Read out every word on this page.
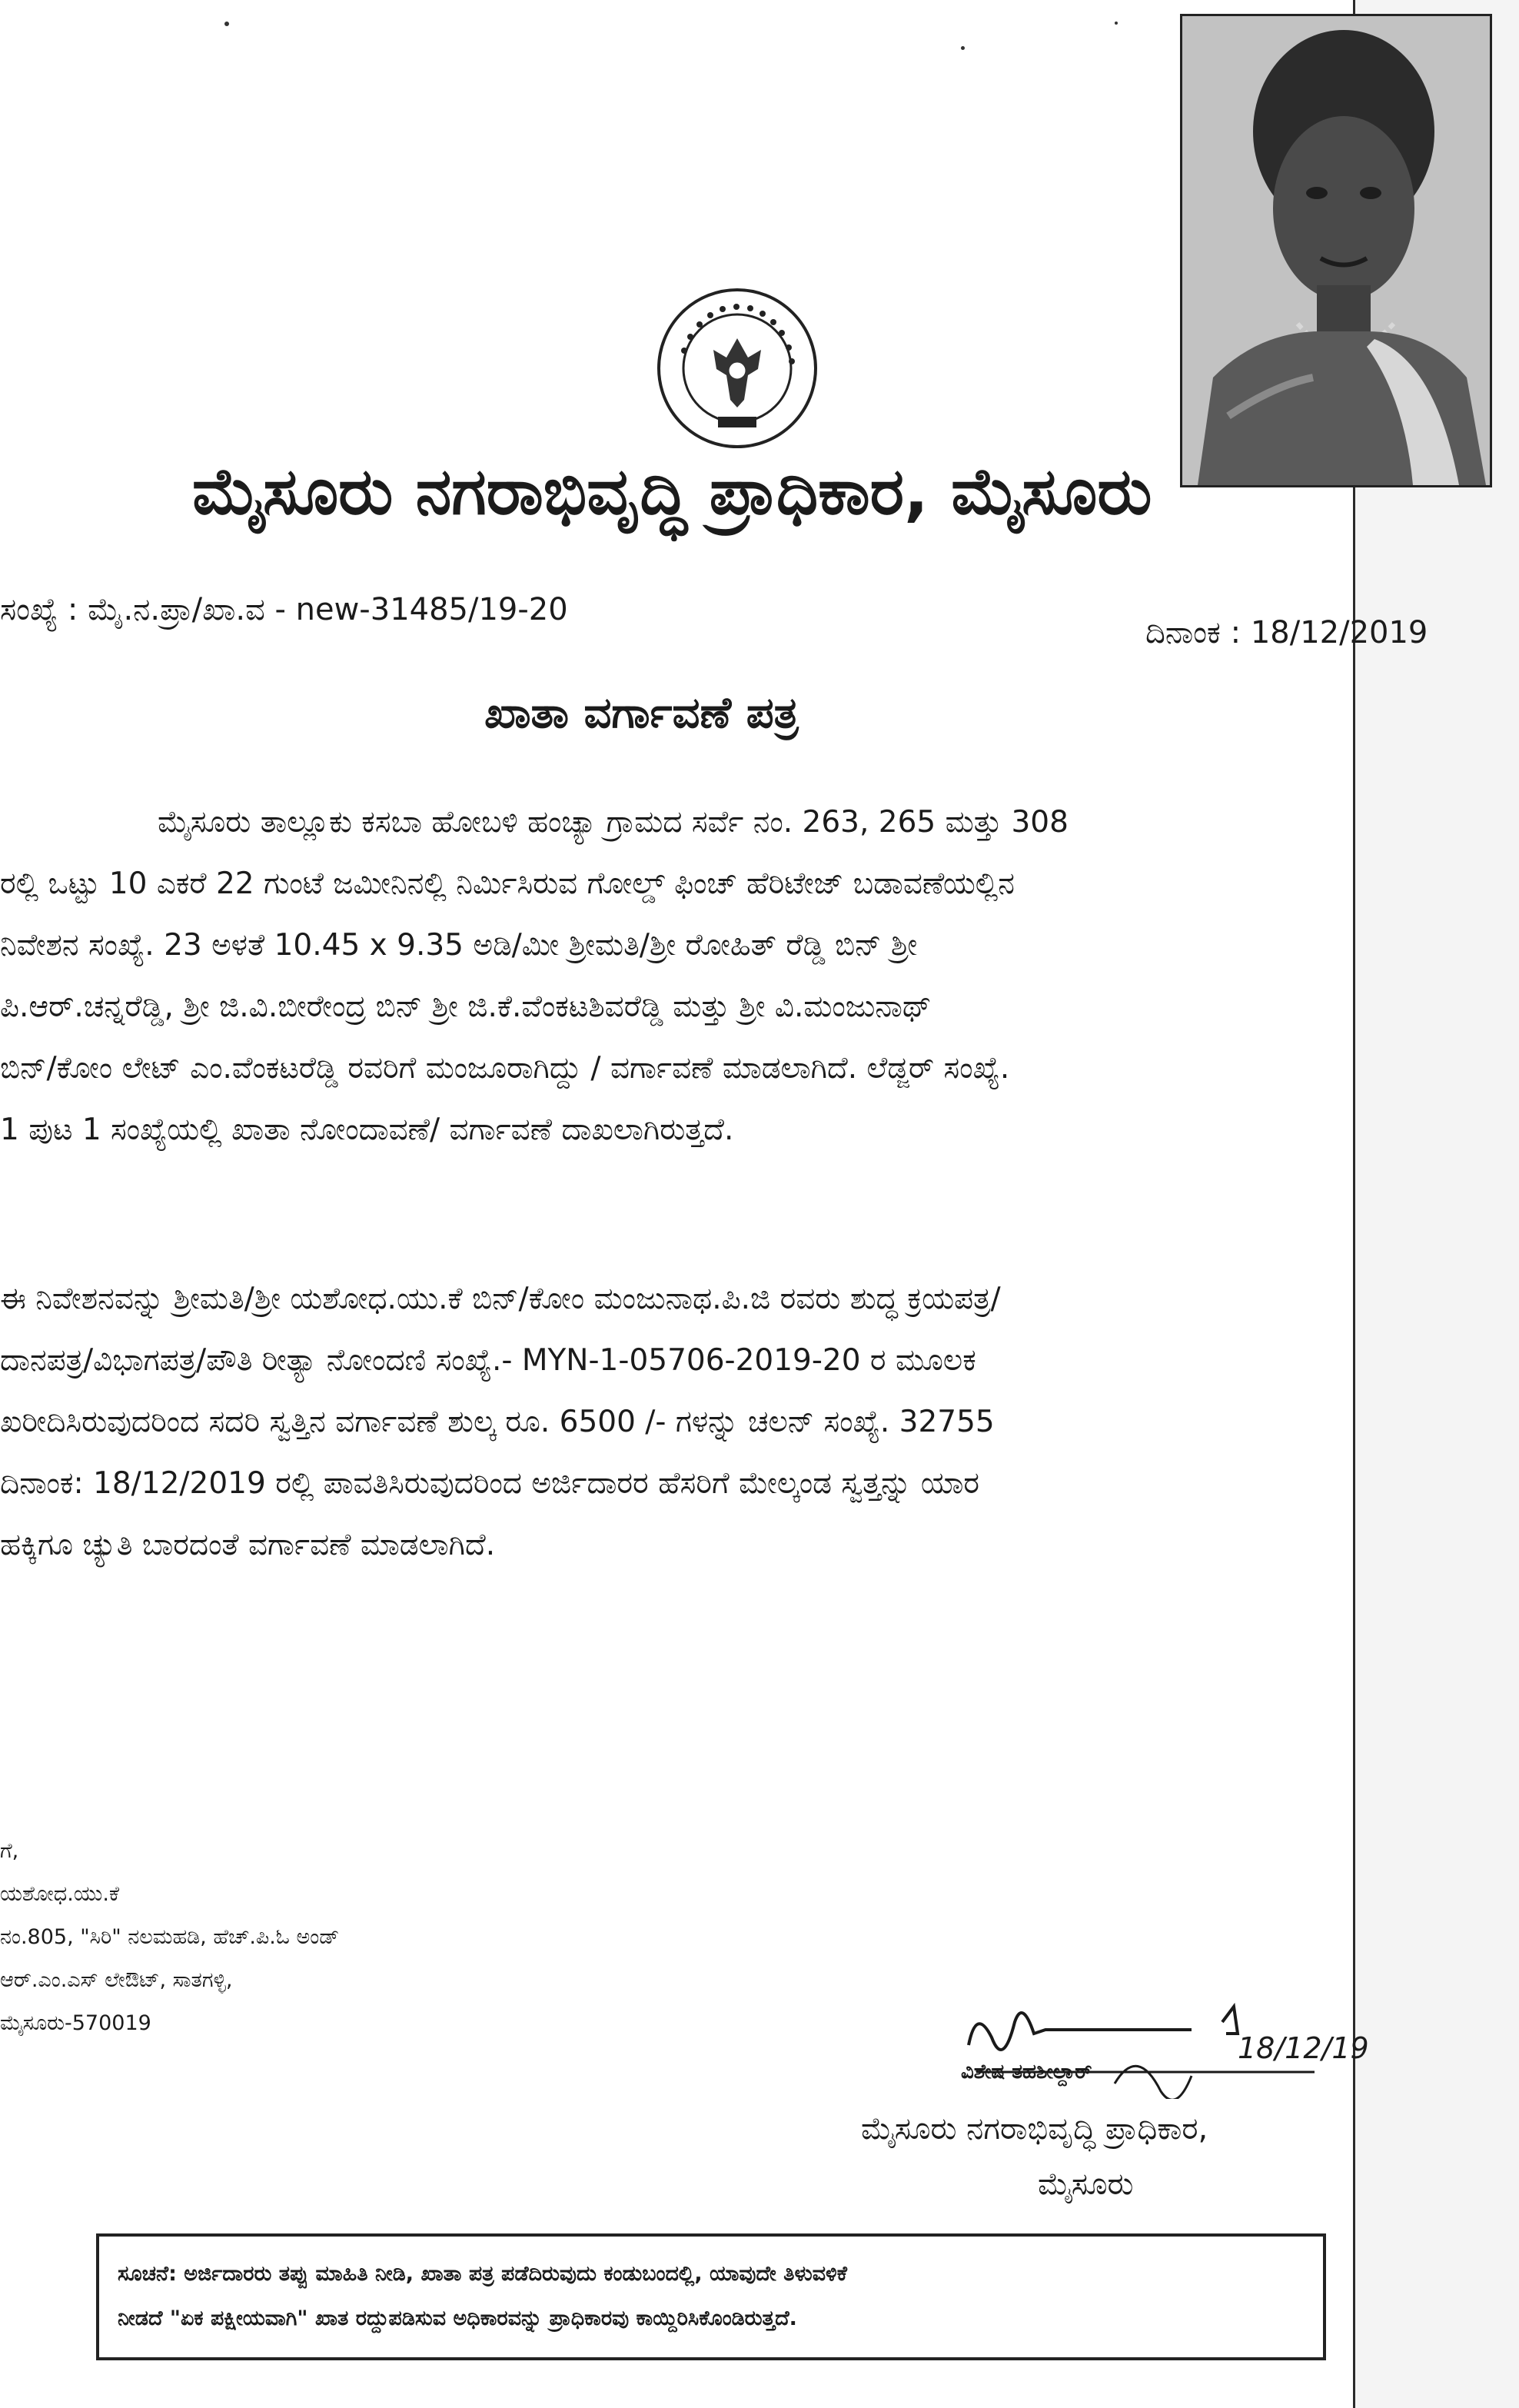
ಮೈಸೂರು ನಗರಾಭಿವೃದ್ಧಿ ಪ್ರಾಧಿಕಾರ, ಮೈಸೂರು
ಸಂಖ್ಯೆ : ಮೈ.ನ.ಪ್ರಾ/ಖಾ.ವ - new-31485/19-20
ದಿನಾಂಕ : 18/12/2019
ಖಾತಾ ವರ್ಗಾವಣೆ ಪತ್ರ
ಮೈಸೂರು ತಾಲ್ಲೂಕು ಕಸಬಾ ಹೋಬಳಿ ಹಂಚ್ಯಾ ಗ್ರಾಮದ ಸರ್ವೆ ನಂ. 263, 265 ಮತ್ತು 308
ರಲ್ಲಿ ಒಟ್ಟು 10 ಎಕರೆ 22 ಗುಂಟೆ ಜಮೀನಿನಲ್ಲಿ ನಿರ್ಮಿಸಿರುವ ಗೋಲ್ಡ್ ಫಿಂಚ್ ಹೆರಿಟೇಜ್ ಬಡಾವಣೆಯಲ್ಲಿನ
ನಿವೇಶನ ಸಂಖ್ಯೆ. 23 ಅಳತೆ 10.45 x 9.35 ಅಡಿ/ಮೀ ಶ್ರೀಮತಿ/ಶ್ರೀ ರೋಹಿತ್ ರೆಡ್ಡಿ ಬಿನ್ ಶ್ರೀ
ಪಿ.ಆರ್.ಚನ್ನರೆಡ್ಡಿ, ಶ್ರೀ ಜಿ.ವಿ.ಬೀರೇಂದ್ರ ಬಿನ್ ಶ್ರೀ ಜಿ.ಕೆ.ವೆಂಕಟಶಿವರೆಡ್ಡಿ ಮತ್ತು ಶ್ರೀ ವಿ.ಮಂಜುನಾಥ್
ಬಿನ್/ಕೋಂ ಲೇಟ್ ಎಂ.ವೆಂಕಟರೆಡ್ಡಿ ರವರಿಗೆ ಮಂಜೂರಾಗಿದ್ದು / ವರ್ಗಾವಣೆ ಮಾಡಲಾಗಿದೆ. ಲೆಡ್ಜರ್ ಸಂಖ್ಯೆ.
1 ಪುಟ 1 ಸಂಖ್ಯೆಯಲ್ಲಿ ಖಾತಾ ನೋಂದಾವಣೆ/ ವರ್ಗಾವಣೆ ದಾಖಲಾಗಿರುತ್ತದೆ.
ಈ ನಿವೇಶನವನ್ನು ಶ್ರೀಮತಿ/ಶ್ರೀ ಯಶೋಧ.ಯು.ಕೆ ಬಿನ್/ಕೋಂ ಮಂಜುನಾಥ.ಪಿ.ಜಿ ರವರು ಶುದ್ಧ ಕ್ರಯಪತ್ರ/
ದಾನಪತ್ರ/ವಿಭಾಗಪತ್ರ/ಪೌತಿ ರೀತ್ಯಾ ನೋಂದಣಿ ಸಂಖ್ಯೆ.- MYN-1-05706-2019-20 ರ ಮೂಲಕ
ಖರೀದಿಸಿರುವುದರಿಂದ ಸದರಿ ಸ್ವತ್ತಿನ ವರ್ಗಾವಣೆ ಶುಲ್ಕ ರೂ. 6500 /- ಗಳನ್ನು ಚಲನ್ ಸಂಖ್ಯೆ. 32755
ದಿನಾಂಕ: 18/12/2019 ರಲ್ಲಿ ಪಾವತಿಸಿರುವುದರಿಂದ ಅರ್ಜಿದಾರರ ಹೆಸರಿಗೆ ಮೇಲ್ಕಂಡ ಸ್ವತ್ತನ್ನು ಯಾರ
ಹಕ್ಕಿಗೂ ಚ್ಯುತಿ ಬಾರದಂತೆ ವರ್ಗಾವಣೆ ಮಾಡಲಾಗಿದೆ.
ಗೆ,
ಯಶೋಧ.ಯು.ಕೆ
ನಂ.805, "ಸಿರಿ" ನಲಮಹಡಿ, ಹೆಚ್.ಪಿ.ಓ ಅಂಡ್
ಆರ್.ಎಂ.ಎಸ್ ಲೇಔಟ್, ಸಾತಗಳ್ಳಿ,
ಮೈಸೂರು-570019
18/12/19
ವಿಶೇಷ ತಹಶೀಲ್ದಾರ್
ಮೈಸೂರು ನಗರಾಭಿವೃದ್ಧಿ ಪ್ರಾಧಿಕಾರ,
ಮೈಸೂರು
ಸೂಚನೆ: ಅರ್ಜಿದಾರರು ತಪ್ಪು ಮಾಹಿತಿ ನೀಡಿ, ಖಾತಾ ಪತ್ರ ಪಡೆದಿರುವುದು ಕಂಡುಬಂದಲ್ಲಿ, ಯಾವುದೇ ತಿಳುವಳಿಕೆ
ನೀಡದೆ "ಏಕ ಪಕ್ಷೀಯವಾಗಿ" ಖಾತ ರದ್ದುಪಡಿಸುವ ಅಧಿಕಾರವನ್ನು ಪ್ರಾಧಿಕಾರವು ಕಾಯ್ದಿರಿಸಿಕೊಂಡಿರುತ್ತದೆ.
